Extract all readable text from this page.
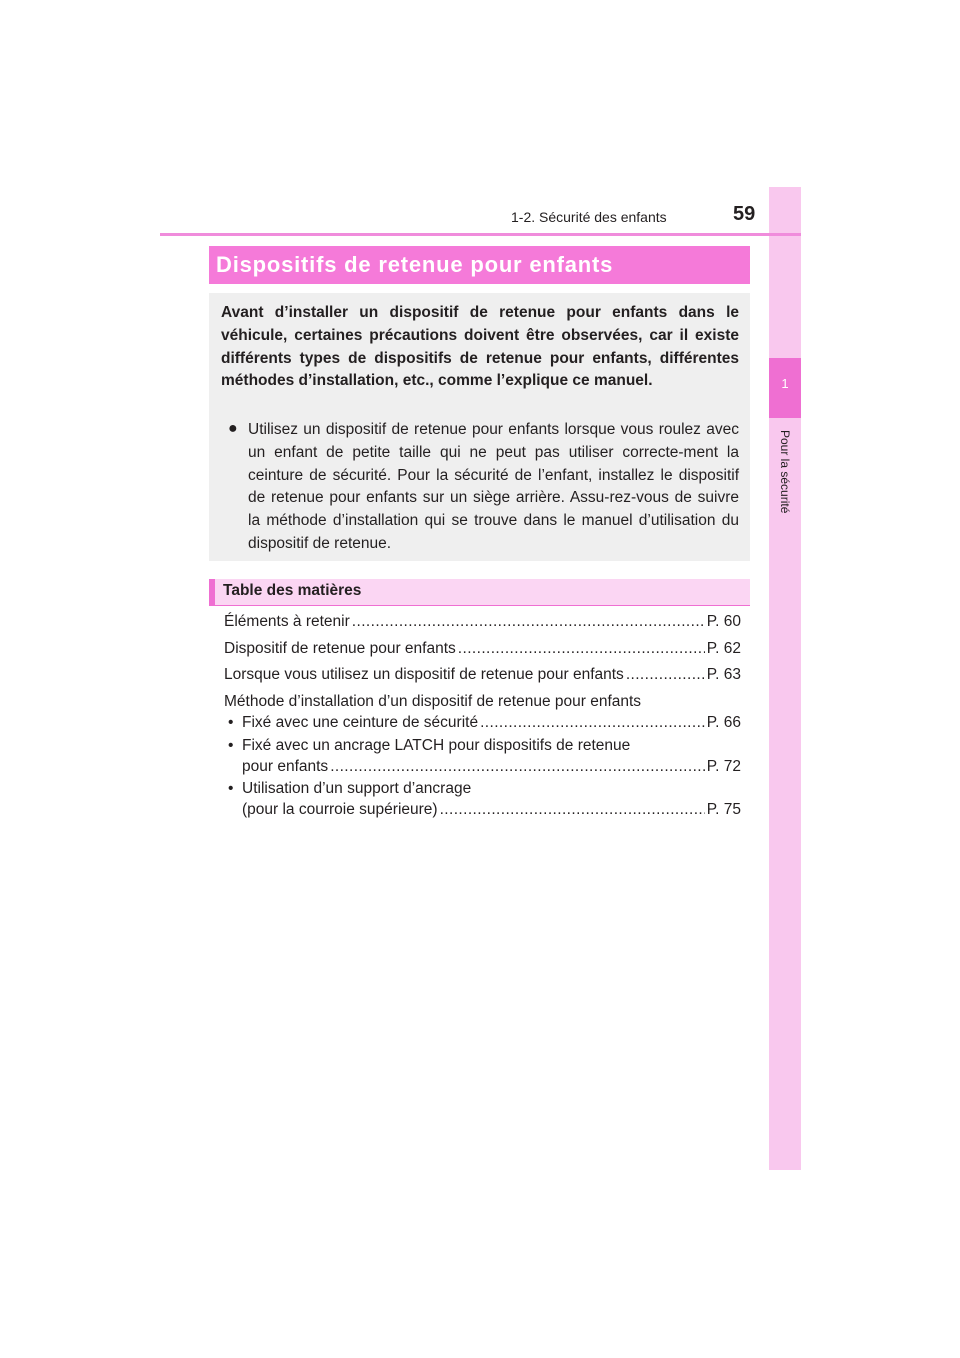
1
Pour la sécurité
1-2. Sécurité des enfants	59
Dispositifs de retenue pour enfants
Avant d’installer un dispositif de retenue pour enfants dans le véhicule, certaines précautions doivent être observées, car il existe différents types de dispositifs de retenue pour enfants, différentes méthodes d’installation, etc., comme l’explique ce manuel.
● Utilisez un dispositif de retenue pour enfants lorsque vous roulez avec un enfant de petite taille qui ne peut pas utiliser correcte-ment la ceinture de sécurité. Pour la sécurité de l’enfant, installez le dispositif de retenue pour enfants sur un siège arrière. Assu-rez-vous de suivre la méthode d’installation qui se trouve dans le manuel d’utilisation du dispositif de retenue.
Table des matières
Éléments à retenir .....	P. 60
Dispositif de retenue pour enfants .....	P. 62
Lorsque vous utilisez un dispositif de retenue pour enfants .....	P. 63
Méthode d’installation d’un dispositif de retenue pour enfants
• Fixé avec une ceinture de sécurité .....	P. 66
• Fixé avec un ancrage LATCH pour dispositifs de retenue
pour enfants .....	P. 72
• Utilisation d’un support d’ancrage
(pour la courroie supérieure) .....	P. 75
